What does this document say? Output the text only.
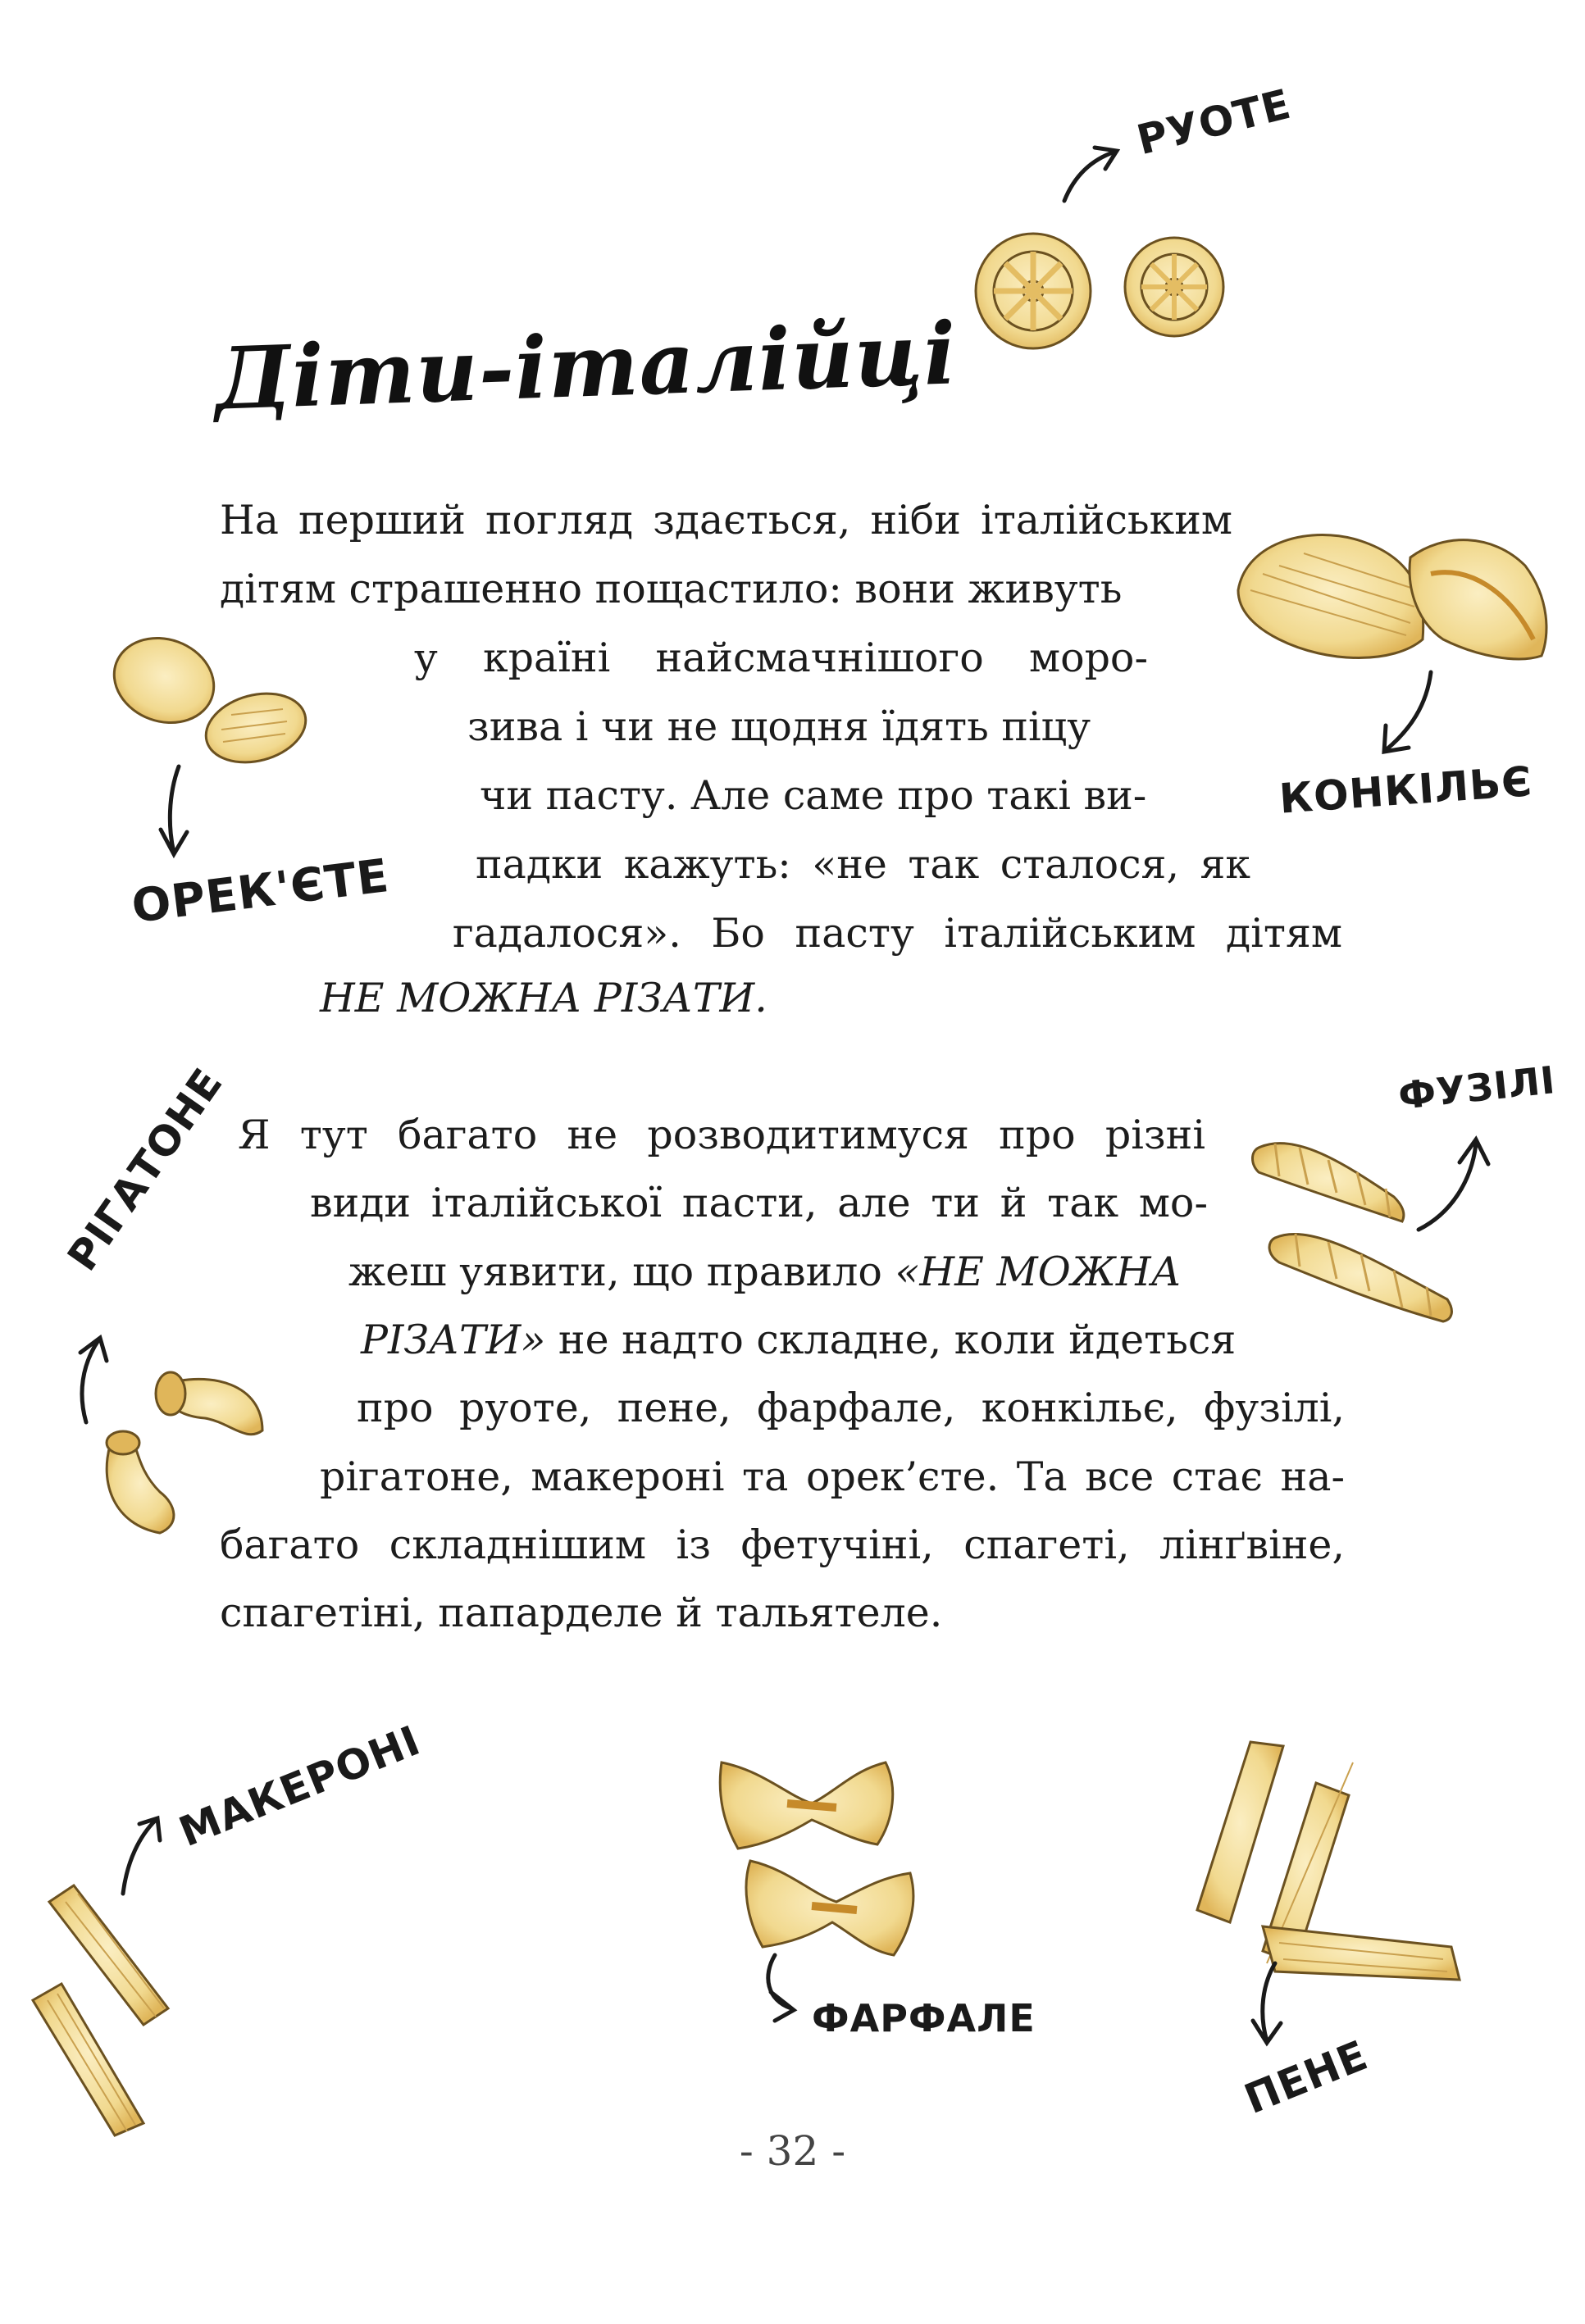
Діти-італійці
На перший погляд здається, ніби італійським
дітям страшенно пощастило: вони живуть
у країні найсмачнішого моро-
зива і чи не щодня їдять піцу
чи пасту. Але саме про такі ви-
падки кажуть: «не так сталося, як
гадалося». Бо пасту італійським дітям
НЕ МОЖНА РІЗАТИ.
Я тут багато не розводитимуся про різні
види італійської пасти, але ти й так мо-
жеш уявити, що правило «НЕ МОЖНА
РІЗАТИ» не надто складне, коли йдеться
про руоте, пене, фарфале, конкільє, фузілі,
рігатоне, макероні та орек’єте. Та все стає на-
багато складнішим із фетучіні, спагеті, лінґвіне,
спагетіні, папарделе й тальятеле.
РУОТЕ
КОНКІЛЬЄ
ОРЕК'ЄТЕ
ФУЗІЛІ
РІГАТОНЕ
МАКЕРОНІ
ФАРФАЛЕ
ПЕНЕ
- 32 -
